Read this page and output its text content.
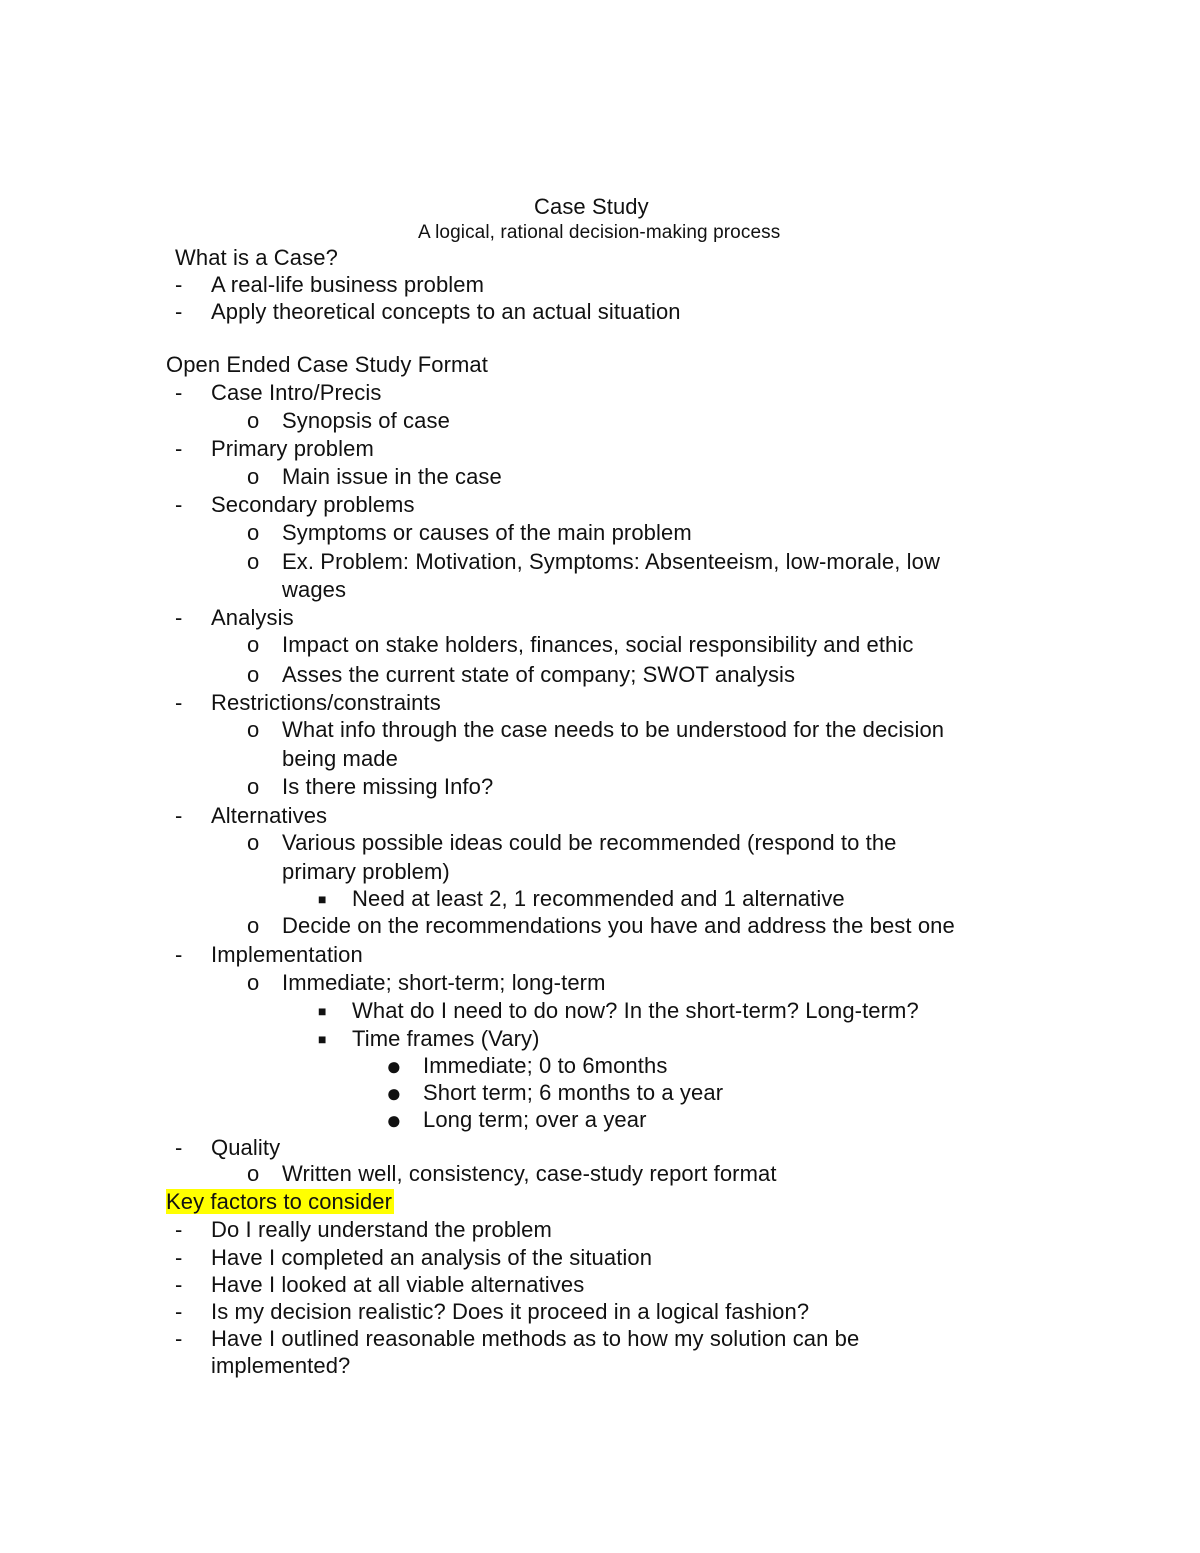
Case Study
A logical, rational decision-making process
What is a Case?
- A real-life business problem
- Apply theoretical concepts to an actual situation
Open Ended Case Study Format
- Case Intro/Precis
o Synopsis of case
- Primary problem
o Main issue in the case
- Secondary problems
o Symptoms or causes of the main problem
o Ex. Problem: Motivation, Symptoms: Absenteeism, low-morale, low
wages
- Analysis
o Impact on stake holders, finances, social responsibility and ethic
o Asses the current state of company; SWOT analysis
- Restrictions/constraints
o What info through the case needs to be understood for the decision
being made
o Is there missing Info?
- Alternatives
o Various possible ideas could be recommended (respond to the
primary problem)
■ Need at least 2, 1 recommended and 1 alternative
o Decide on the recommendations you have and address the best one
- Implementation
o Immediate; short-term; long-term
■ What do I need to do now? In the short-term? Long-term?
■ Time frames (Vary)
● Immediate; 0 to 6months
● Short term; 6 months to a year
● Long term; over a year
- Quality
o Written well, consistency, case-study report format
Key factors to consider
- Do I really understand the problem
- Have I completed an analysis of the situation
- Have I looked at all viable alternatives
- Is my decision realistic? Does it proceed in a logical fashion?
- Have I outlined reasonable methods as to how my solution can be
implemented?
